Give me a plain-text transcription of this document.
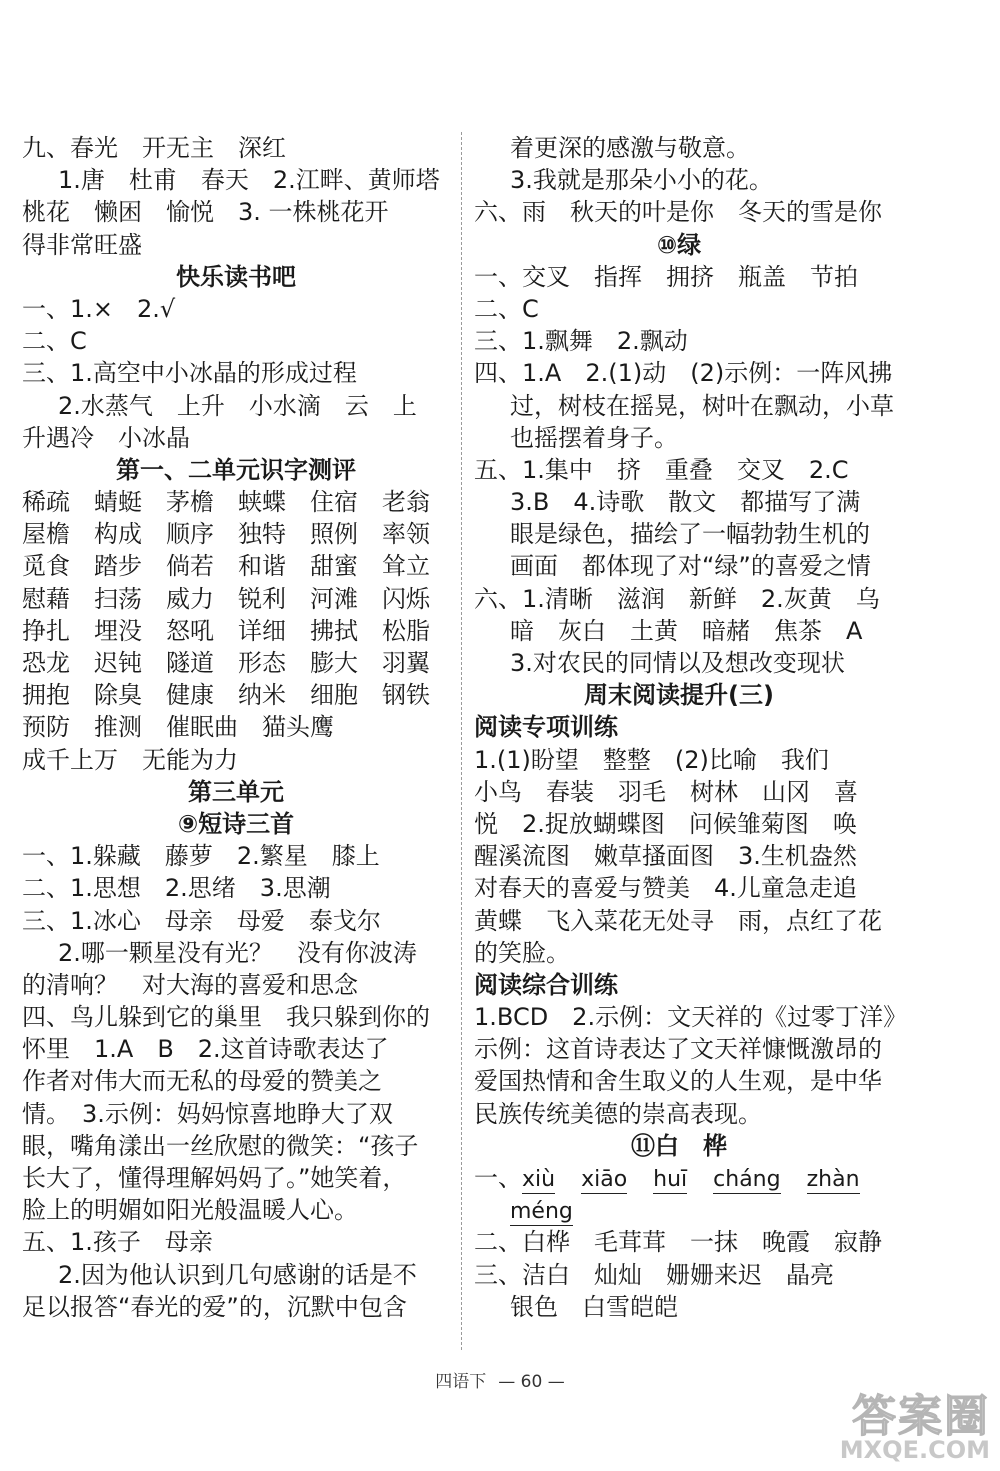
九、春光　开无主　深红
1.唐　杜甫　春天　2.江畔、黄师塔
桃花　懒困　愉悦　3. 一株桃花开
得非常旺盛
快乐读书吧
一、1.×　2.√
二、C
三、1.高空中小冰晶的形成过程
2.水蒸气　上升　小水滴　云　上
升遇冷　小冰晶
第一、二单元识字测评
稀疏　蜻蜓　茅檐　蛱蝶　住宿　老翁
屋檐　构成　顺序　独特　照例　率领
觅食　踏步　倘若　和谐　甜蜜　耸立
慰藉　扫荡　威力　锐利　河滩　闪烁
挣扎　埋没　怒吼　详细　拂拭　松脂
恐龙　迟钝　隧道　形态　膨大　羽翼
拥抱　除臭　健康　纳米　细胞　钢铁
预防　推测　催眠曲　猫头鹰
成千上万　无能为力
第三单元
⑨短诗三首
一、1.躲藏　藤萝　2.繁星　膝上
二、1.思想　2.思绪　3.思潮
三、1.冰心　母亲　母爱　泰戈尔
2.哪一颗星没有光？　没有你波涛
的清响？　对大海的喜爱和思念
四、鸟儿躲到它的巢里　我只躲到你的
怀里　1.A　B　2.这首诗歌表达了
作者对伟大而无私的母爱的赞美之
情。　3.示例：妈妈惊喜地睁大了双
眼，嘴角漾出一丝欣慰的微笑：“孩子
长大了，懂得理解妈妈了。”她笑着，
脸上的明媚如阳光般温暖人心。
五、1.孩子　母亲
2.因为他认识到几句感谢的话是不
足以报答“春光的爱”的，沉默中包含
着更深的感激与敬意。
3.我就是那朵小小的花。
六、雨　秋天的叶是你　冬天的雪是你
⑩绿
一、交叉　指挥　拥挤　瓶盖　节拍
二、C
三、1.飘舞　2.飘动
四、1.A　2.(1)动　(2)示例：一阵风拂
过，树枝在摇晃，树叶在飘动，小草
也摇摆着身子。
五、1.集中　挤　重叠　交叉　2.C
3.B　4.诗歌　散文　都描写了满
眼是绿色，描绘了一幅勃勃生机的
画面　都体现了对“绿”的喜爱之情
六、1.清晰　滋润　新鲜　2.灰黄　乌
暗　灰白　土黄　暗赭　焦茶　A
3.对农民的同情以及想改变现状
周末阅读提升(三)
阅读专项训练
1.(1)盼望　整整　(2)比喻　我们
小鸟　春装　羽毛　树林　山冈　喜
悦　2.捉放蝴蝶图　问候雏菊图　唤
醒溪流图　嫩草搔面图　3.生机盎然
对春天的喜爱与赞美　4.儿童急走追
黄蝶　飞入菜花无处寻　雨，点红了花
的笑脸。
阅读综合训练
1.BCD　2.示例：文天祥的《过零丁洋》
示例：这首诗表达了文天祥慷慨激昂的
爱国热情和舍生取义的人生观，是中华
民族传统美德的崇高表现。
⑪白　桦
一、xiù xiāo huī cháng zhàn
méng
二、白桦　毛茸茸　一抹　晚霞　寂静
三、洁白　灿灿　姗姗来迟　晶亮
银色　白雪皑皑
四语下 — 60 —
答案圈
MXQE.COM
